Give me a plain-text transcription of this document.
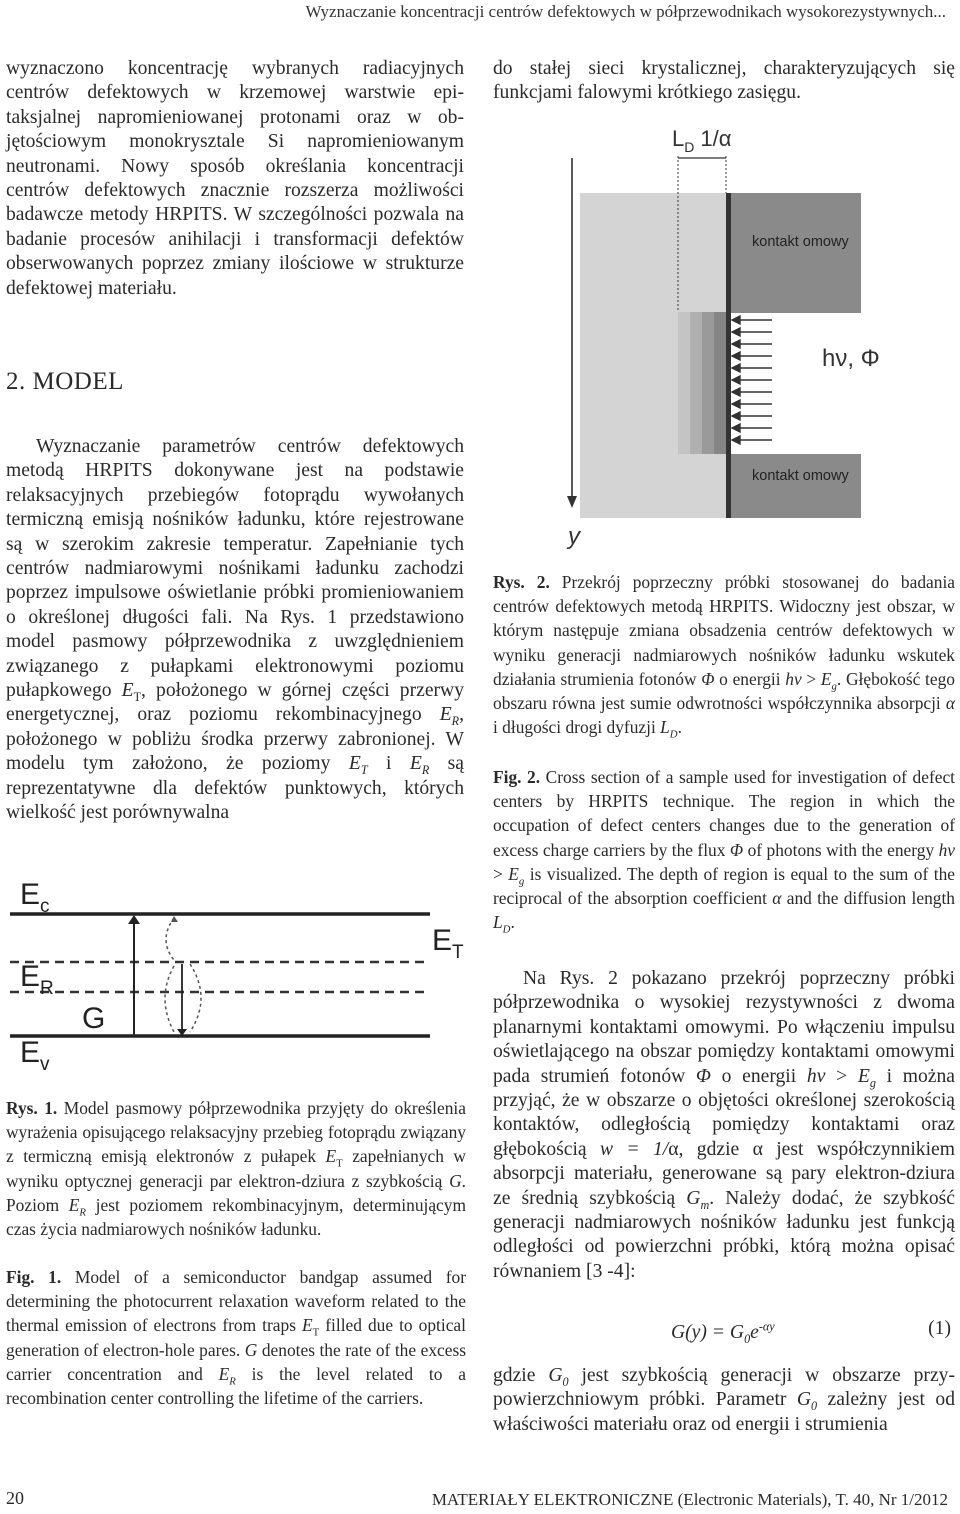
Wyznaczanie koncentracji centrów defektowych w półprzewodnikach wysokorezystywnych...

wyznaczono koncentrację wybranych radiacyjnych centrów defektowych w krzemowej warstwie epitaksjalnej napromieniowanej protonami oraz w objętościowym monokrysztale Si napromieniowanym neutronami. Nowy sposób określania koncentracji centrów defektowych znacznie rozszerza możliwości badawcze metody HRPITS. W szczególności pozwala na badanie procesów anihilacji i transformacji defektów obserwowanych poprzez zmiany ilościowe w strukturze defektowej materiału.

2. MODEL

Wyznaczanie parametrów centrów defektowych metodą HRPITS dokonywane jest na podstawie relaksacyjnych przebiegów fotoprądu wywołanych termiczną emisją nośników ładunku, które rejestrowane są w szerokim zakresie temperatur. Zapełnianie tych centrów nadmiarowymi nośnikami ładunku zachodzi poprzez impulsowe oświetlanie próbki promieniowaniem o określonej długości fali. Na Rys. 1 przedstawiono model pasmowy półprzewodnika z uwzględnieniem związanego z pułapkami elektronowymi poziomu pułapkowego $E_T$, położonego w górnej części przerwy energetycznej, oraz poziomu rekombinacyjnego $E_R$, położonego w pobliżu środka przerwy zabronionej. W modelu tym założono, że poziomy $E_T$ i $E_R$ są reprezentatywne dla defektów punktowych, których wielkość jest porównywalna

$E_c$
$E_R$
$E_v$
$E_T$
G

Rys. 1. Model pasmowy półprzewodnika przyjęty do określenia wyrażenia opisującego relaksacyjny przebieg fotoprądu związany z termiczną emisją elektronów z pułapek $E_T$ zapełnianych w wyniku optycznej generacji par elektron-dziura z szybkością G. Poziom $E_R$ jest poziomem rekombinacyjnym, determinującym czas życia nadmiarowych nośników ładunku.

Fig. 1. Model of a semiconductor bandgap assumed for determining the photocurrent relaxation waveform related to the thermal emission of electrons from traps $E_T$ filled due to optical generation of electron-hole pares. G denotes the rate of the excess carrier concentration and $E_R$ is the level related to a recombination center controlling the lifetime of the carriers.

do stałej sieci krystalicznej, charakteryzujących się funkcjami falowymi krótkiego zasięgu.

$L_D$ 1/α
kontakt omowy
kontakt omowy
hν, Φ
y

Rys. 2. Przekrój poprzeczny próbki stosowanej do badania centrów defektowych metodą HRPITS. Widoczny jest obszar, w którym następuje zmiana obsadzenia centrów defektowych w wyniku generacji nadmiarowych nośników ładunku wskutek działania strumienia fotonów Φ o energii $h\nu > E_g$. Głębokość tego obszaru równa jest sumie odwrotności współczynnika absorpcji α i długości drogi dyfuzji $L_D$.

Fig. 2. Cross section of a sample used for investigation of defect centers by HRPITS technique. The region in which the occupation of defect centers changes due to the generation of excess charge carriers by the flux Φ of photons with the energy $h\nu > E_g$ is visualized. The depth of region is equal to the sum of the reciprocal of the absorption coefficient α and the diffusion length $L_D$.

Na Rys. 2 pokazano przekrój poprzeczny próbki półprzewodnika o wysokiej rezystywności z dwoma planarnymi kontaktami omowymi. Po włączeniu impulsu oświetlającego na obszar pomiędzy kontaktami omowymi pada strumień fotonów Φ o energii $h\nu > E_g$ i można przyjąć, że w obszarze o objętości określonej szerokością kontaktów, odległością pomiędzy kontaktami oraz głębokością w = 1/α, gdzie α jest współczynnikiem absorpcji materiału, generowane są pary elektron-dziura ze średnią szybkością $G_m$. Należy dodać, że szybkość generacji nadmiarowych nośników ładunku jest funkcją odległości od powierzchni próbki, którą można opisać równaniem [3 -4]:

$G(y) = G_0e^{-\alpha y}$	(1)

gdzie $G_0$ jest szybkością generacji w obszarze przypowierzchniowym próbki. Parametr $G_0$ zależny jest od właściwości materiału oraz od energii i strumienia

20	MATERIAŁY ELEKTRONICZNE (Electronic Materials), T. 40, Nr 1/2012
